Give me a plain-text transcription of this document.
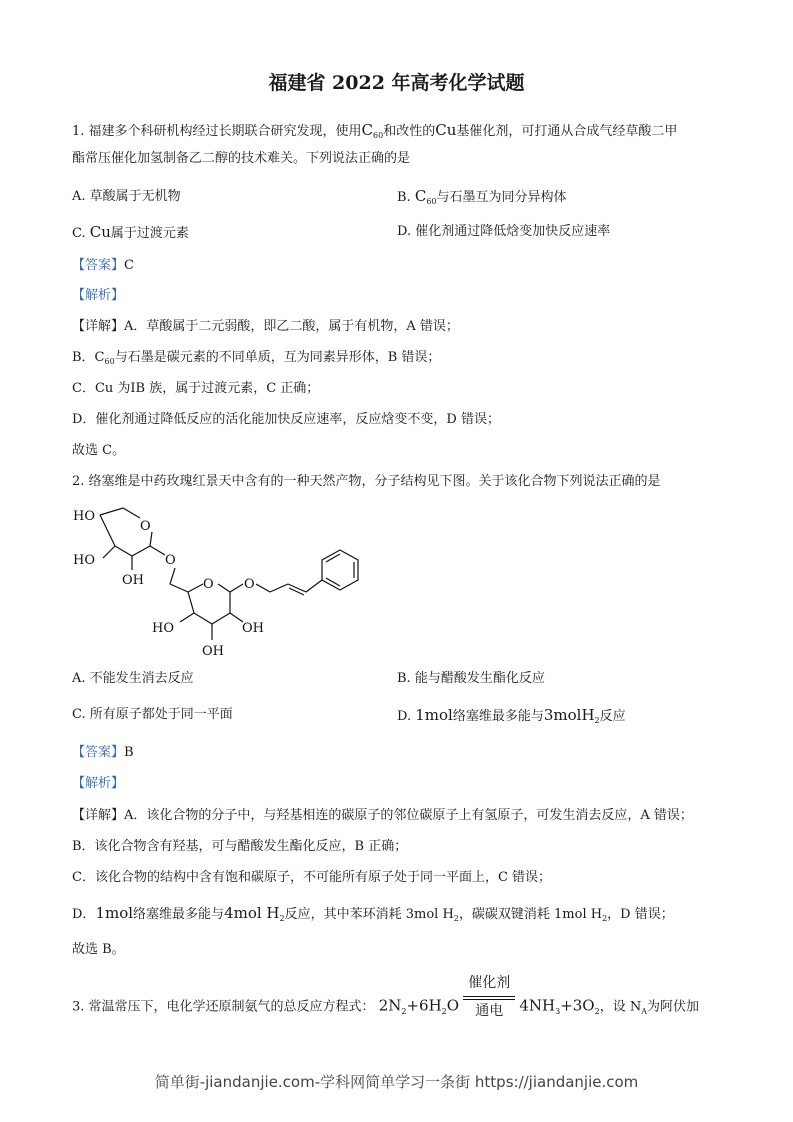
福建省 2022 年高考化学试题
1. 福建多个科研机构经过长期联合研究发现，使用$C_{60}$和改性的Cu基催化剂，可打通从合成气经草酸二甲
酯常压催化加氢制备乙二醇的技术难关。下列说法正确的是
A. 草酸属于无机物	B. $C_{60}$与石墨互为同分异构体
C. Cu属于过渡元素	D. 催化剂通过降低焓变加快反应速率
【答案】C
【解析】
【详解】A．草酸属于二元弱酸，即乙二酸，属于有机物，A 错误；
B．$C_{60}$与石墨是碳元素的不同单质，互为同素异形体，B 错误；
C．Cu 为IB 族，属于过渡元素，C 正确；
D．催化剂通过降低反应的活化能加快反应速率，反应焓变不变，D 错误；
故选 C。
2. 络塞维是中药玫瑰红景天中含有的一种天然产物，分子结构见下图。关于该化合物下列说法正确的是
HO
O
HO
OH
O
O O
HO	OH
OH
A. 不能发生消去反应	B. 能与醋酸发生酯化反应
C. 所有原子都处于同一平面	D. 1mol络塞维最多能与3molH$_2$反应
【答案】B
【解析】
【详解】A．该化合物的分子中，与羟基相连的碳原子的邻位碳原子上有氢原子，可发生消去反应，A 错误；
B．该化合物含有羟基，可与醋酸发生酯化反应，B 正确；
C．该化合物的结构中含有饱和碳原子，不可能所有原子处于同一平面上，C 错误；
D．1mol络塞维最多能与4mol $H_2$反应，其中苯环消耗 3mol $H_2$，碳碳双键消耗 1mol $H_2$，D 错误；
故选 B。
3. 常温常压下，电化学还原制氨气的总反应方程式： $2N_2+6H_2O$
催化剂
通电	$4NH_3+3O_2$，设 $N_A$为阿伏加
简单街-jiandanjie.com-学科网简单学习一条街 https://jiandanjie.com
